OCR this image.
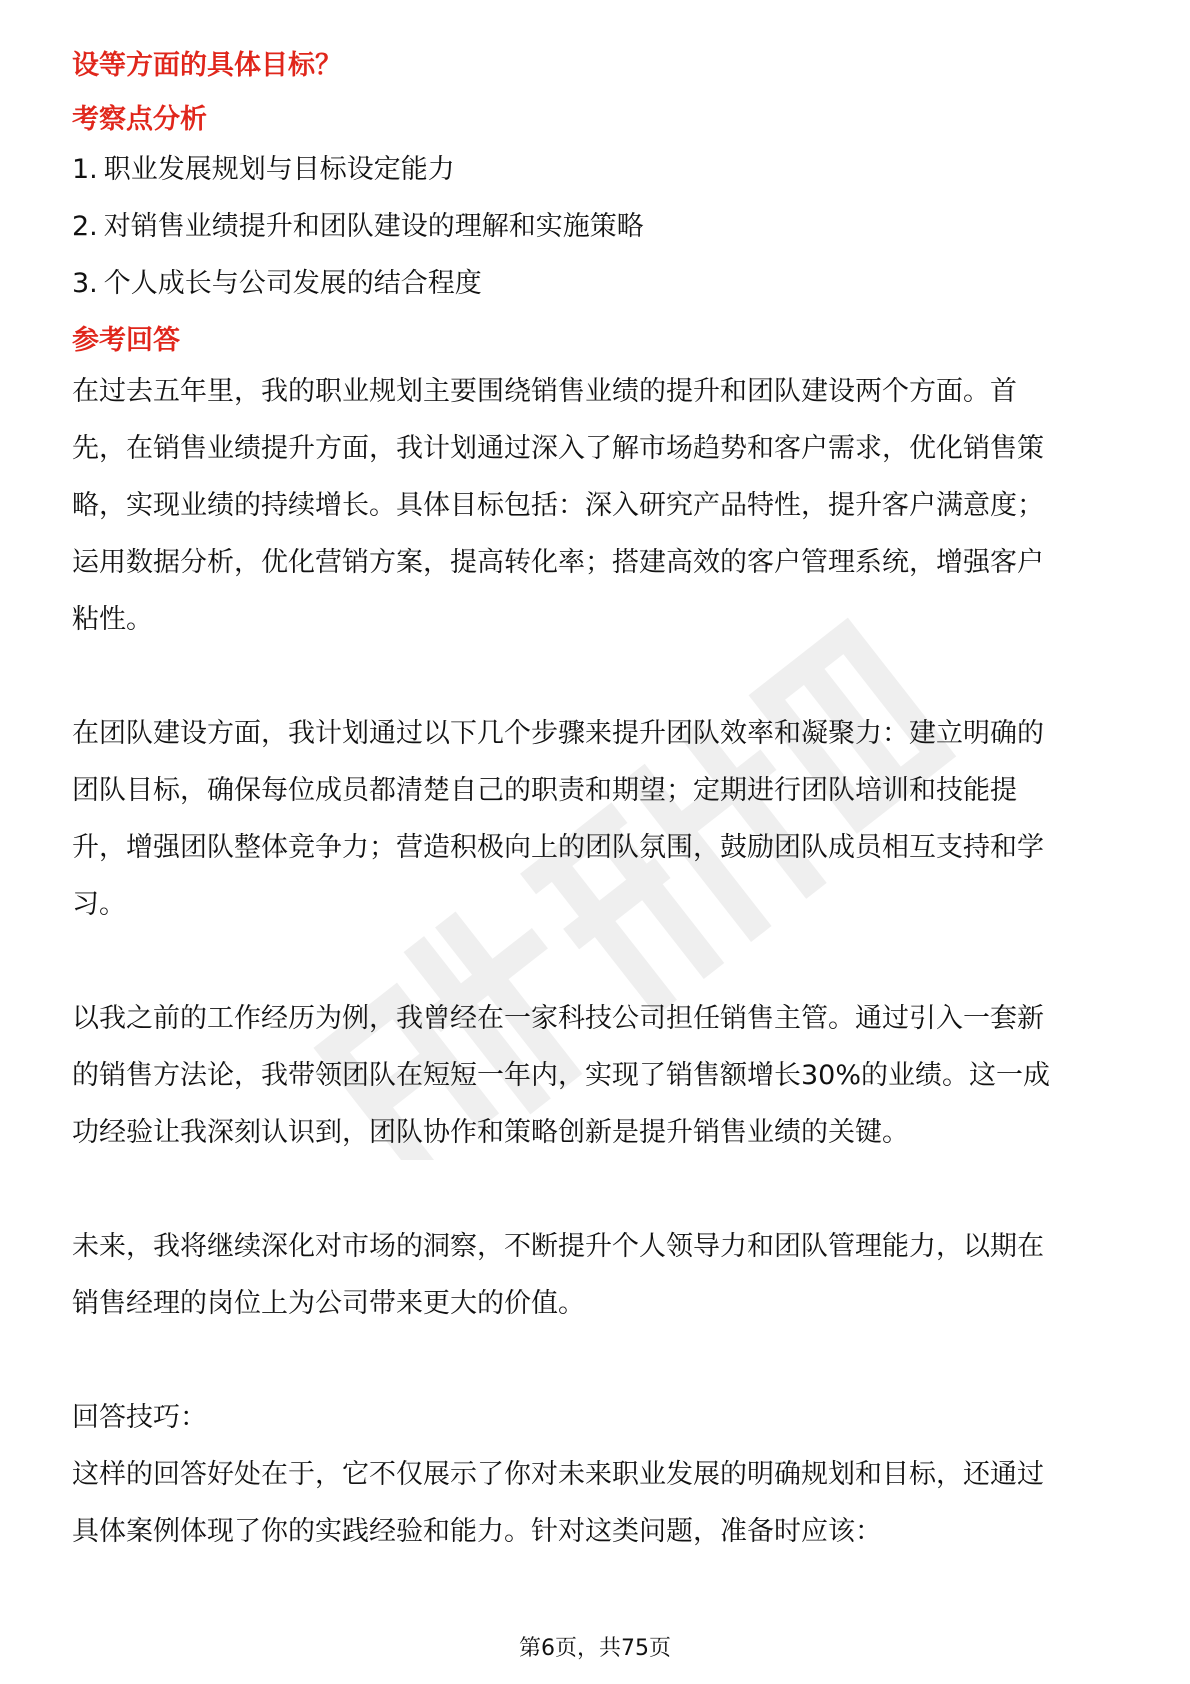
设等方面的具体目标？

考察点分析

1. 职业发展规划与目标设定能力

2. 对销售业绩提升和团队建设的理解和实施策略

3. 个人成长与公司发展的结合程度

参考回答

在过去五年里，我的职业规划主要围绕销售业绩的提升和团队建设两个方面。首
先，在销售业绩提升方面，我计划通过深入了解市场趋势和客户需求，优化销售策
略，实现业绩的持续增长。具体目标包括：深入研究产品特性，提升客户满意度；
运用数据分析，优化营销方案，提高转化率；搭建高效的客户管理系统，增强客户
粘性。
在团队建设方面，我计划通过以下几个步骤来提升团队效率和凝聚力：建立明确的
团队目标，确保每位成员都清楚自己的职责和期望；定期进行团队培训和技能提
升，增强团队整体竞争力；营造积极向上的团队氛围，鼓励团队成员相互支持和学
习。
以我之前的工作经历为例，我曾经在一家科技公司担任销售主管。通过引入一套新
的销售方法论，我带领团队在短短一年内，实现了销售额增长30%的业绩。这一成
功经验让我深刻认识到，团队协作和策略创新是提升销售业绩的关键。
未来，我将继续深化对市场的洞察，不断提升个人领导力和团队管理能力，以期在
销售经理的岗位上为公司带来更大的价值。

回答技巧：

这样的回答好处在于，它不仅展示了你对未来职业发展的明确规划和目标，还通过
具体案例体现了你的实践经验和能力。针对这类问题，准备时应该：
第6页，共75页
